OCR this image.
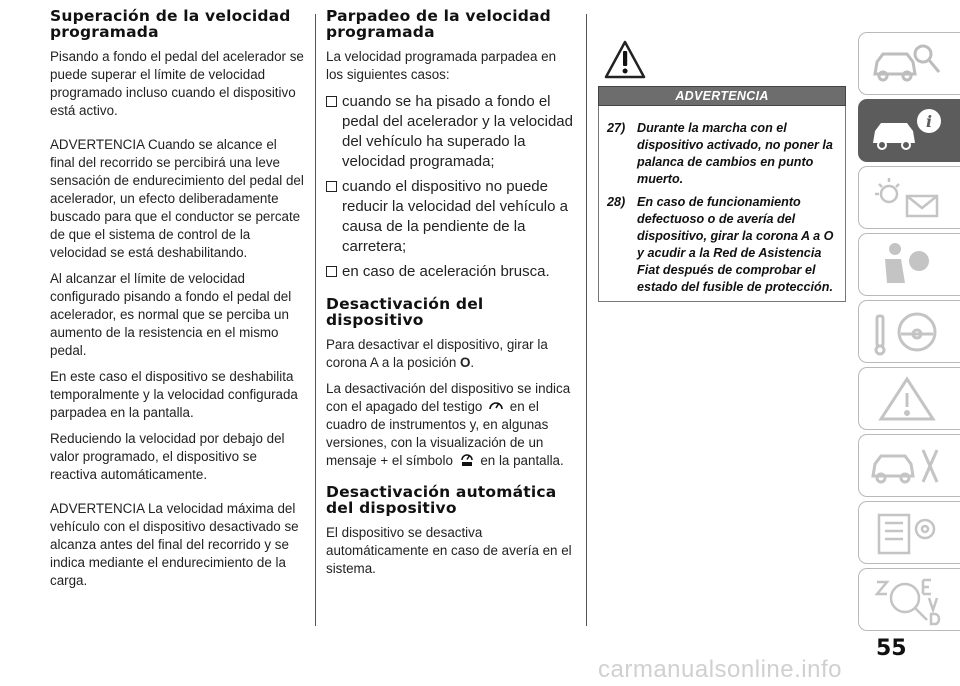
Superación de la velocidad programada

Pisando a fondo el pedal del acelerador se puede superar el límite de velocidad programado incluso cuando el dispositivo está activo.

ADVERTENCIA Cuando se alcance el final del recorrido se percibirá una leve sensación de endurecimiento del pedal del acelerador, un efecto deliberadamente buscado para que el conductor se percate de que el sistema de control de la velocidad se está deshabilitando.

Al alcanzar el límite de velocidad configurado pisando a fondo el pedal del acelerador, es normal que se perciba un aumento de la resistencia en el mismo pedal.

En este caso el dispositivo se deshabilita temporalmente y la velocidad configurada parpadea en la pantalla.

Reduciendo la velocidad por debajo del valor programado, el dispositivo se reactiva automáticamente.

ADVERTENCIA La velocidad máxima del vehículo con el dispositivo desactivado se alcanza antes del final del recorrido y se indica mediante el endurecimiento de la carga.

Parpadeo de la velocidad programada

La velocidad programada parpadea en los siguientes casos:

cuando se ha pisado a fondo el pedal del acelerador y la velocidad del vehículo ha superado la velocidad programada;
cuando el dispositivo no puede reducir la velocidad del vehículo a causa de la pendiente de la carretera;
en caso de aceleración brusca.
Desactivación del dispositivo

Para desactivar el dispositivo, girar la corona A a la posición O.

La desactivación del dispositivo se indica con el apagado del testigo  en el cuadro de instrumentos y, en algunas versiones, con la visualización de un mensaje + el símbolo  en la pantalla.

Desactivación automática del dispositivo

El dispositivo se desactiva automáticamente en caso de avería en el sistema.

ADVERTENCIA
27) Durante la marcha con el dispositivo activado, no poner la palanca de cambios en punto muerto.
28) En caso de funcionamiento defectuoso o de avería del dispositivo, girar la corona A a O y acudir a la Red de Asistencia Fiat después de comprobar el estado del fusible de protección.
i
55
carmanualsonline.info
